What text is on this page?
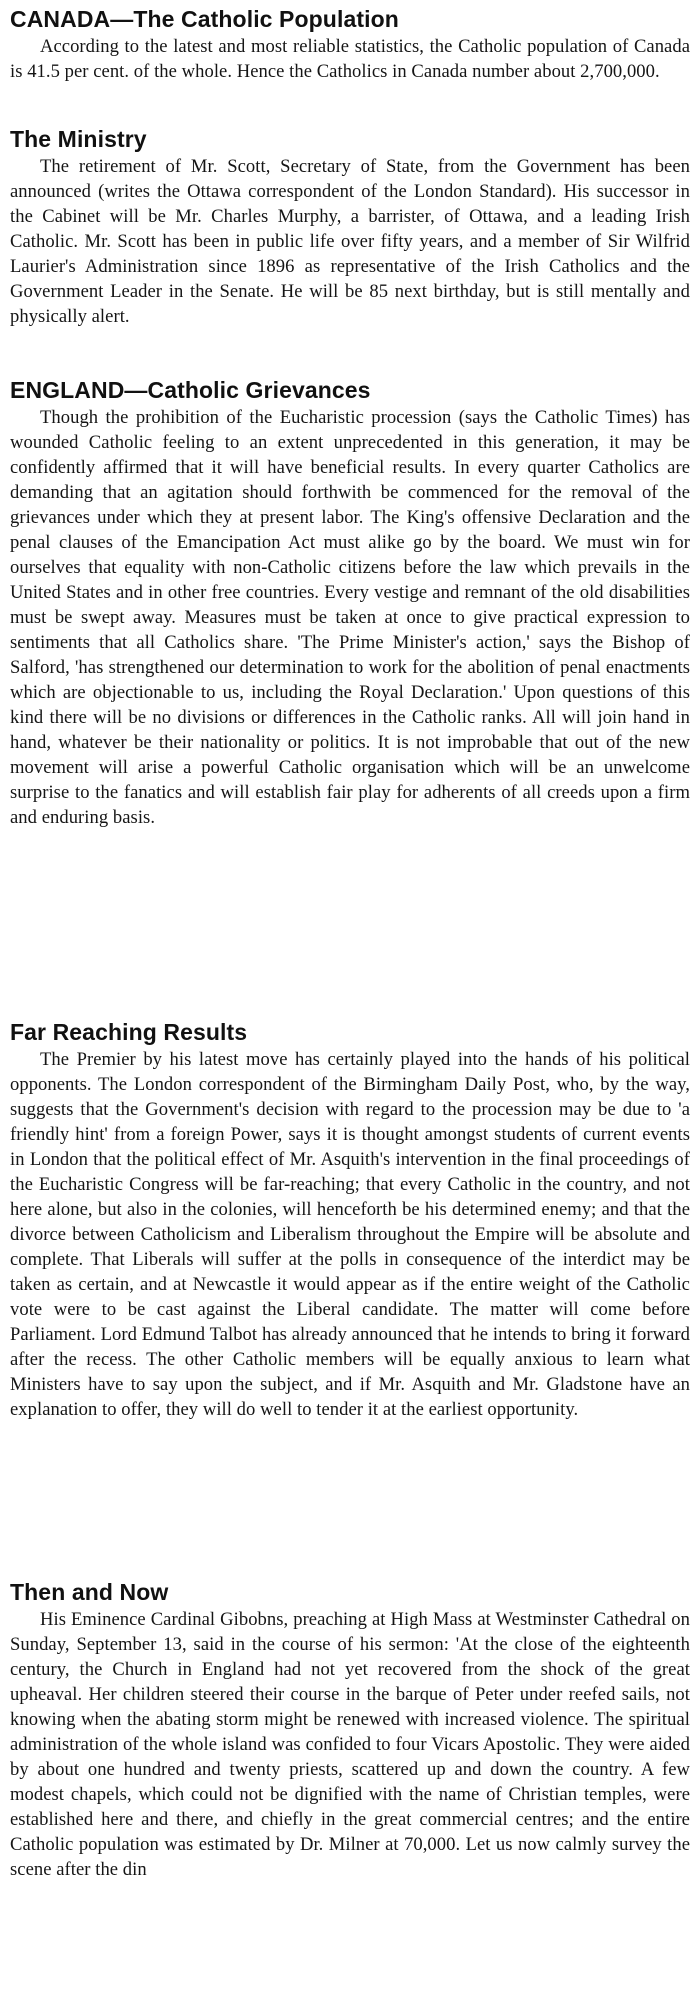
CANADA—The Catholic Population

According to the latest and most reliable statistics, the Catholic population of Canada is 41.5 per cent. of the whole. Hence the Catholics in Canada number about 2,700,000.

The Ministry

The retirement of Mr. Scott, Secretary of State, from the Government has been announced (writes the Ottawa correspondent of the London Standard). His successor in the Cabinet will be Mr. Charles Murphy, a barrister, of Ottawa, and a leading Irish Catholic. Mr. Scott has been in public life over fifty years, and a member of Sir Wilfrid Laurier's Administration since 1896 as representative of the Irish Catholics and the Government Leader in the Senate. He will be 85 next birthday, but is still mentally and physically alert.

ENGLAND—Catholic Grievances

Though the prohibition of the Eucharistic procession (says the Catholic Times) has wounded Catholic feeling to an extent unprecedented in this generation, it may be confidently affirmed that it will have beneficial results. In every quarter Catholics are demanding that an agitation should forthwith be commenced for the removal of the grievances under which they at present labor. The King's offensive Declaration and the penal clauses of the Emancipation Act must alike go by the board. We must win for ourselves that equality with non-Catholic citizens before the law which prevails in the United States and in other free countries. Every vestige and remnant of the old disabilities must be swept away. Measures must be taken at once to give practical expression to sentiments that all Catholics share. 'The Prime Minister's action,' says the Bishop of Salford, 'has strengthened our determination to work for the abolition of penal enactments which are objectionable to us, including the Royal Declaration.' Upon questions of this kind there will be no divisions or differences in the Catholic ranks. All will join hand in hand, whatever be their nationality or politics. It is not improbable that out of the new movement will arise a powerful Catholic organisation which will be an unwelcome surprise to the fanatics and will establish fair play for adherents of all creeds upon a firm and enduring basis.

Far Reaching Results

The Premier by his latest move has certainly played into the hands of his political opponents. The London correspondent of the Birmingham Daily Post, who, by the way, suggests that the Government's decision with regard to the procession may be due to 'a friendly hint' from a foreign Power, says it is thought amongst students of current events in London that the political effect of Mr. Asquith's intervention in the final proceedings of the Eucharistic Congress will be far-reaching; that every Catholic in the country, and not here alone, but also in the colonies, will henceforth be his determined enemy; and that the divorce between Catholicism and Liberalism throughout the Empire will be absolute and complete. That Liberals will suffer at the polls in consequence of the interdict may be taken as certain, and at Newcastle it would appear as if the entire weight of the Catholic vote were to be cast against the Liberal candidate. The matter will come before Parliament. Lord Edmund Talbot has already announced that he intends to bring it forward after the recess. The other Catholic members will be equally anxious to learn what Ministers have to say upon the subject, and if Mr. Asquith and Mr. Gladstone have an explanation to offer, they will do well to tender it at the earliest opportunity.

Then and Now

His Eminence Cardinal Gibobns, preaching at High Mass at Westminster Cathedral on Sunday, September 13, said in the course of his sermon: 'At the close of the eighteenth century, the Church in England had not yet recovered from the shock of the great upheaval. Her children steered their course in the barque of Peter under reefed sails, not knowing when the abating storm might be renewed with increased violence. The spiritual administration of the whole island was confided to four Vicars Apostolic. They were aided by about one hundred and twenty priests, scattered up and down the country. A few modest chapels, which could not be dignified with the name of Christian temples, were established here and there, and chiefly in the great commercial centres; and the entire Catholic population was estimated by Dr. Milner at 70,000. Let us now calmly survey the scene after the din
